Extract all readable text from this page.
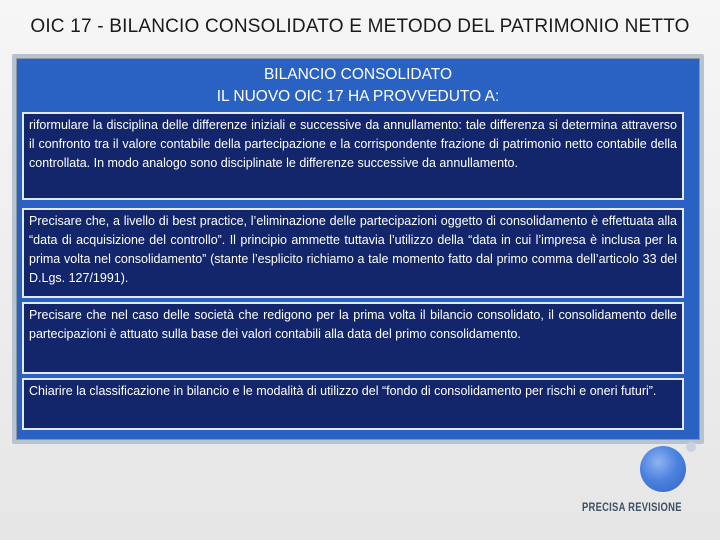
OIC 17 - BILANCIO CONSOLIDATO E METODO DEL PATRIMONIO NETTO
BILANCIO CONSOLIDATO
IL NUOVO OIC 17 HA PROVVEDUTO A:

riformulare la disciplina delle differenze iniziali e successive da annullamento: tale differenza si determina attraverso il confronto tra il valore contabile della partecipazione e la corrispondente frazione di patrimonio netto contabile della controllata. In modo analogo sono disciplinate le differenze successive da annullamento.

Precisare che, a livello di best practice, l’eliminazione delle partecipazioni oggetto di consolidamento è effettuata alla “data di acquisizione del controllo”. Il principio ammette tuttavia l’utilizzo della “data in cui l’impresa è inclusa per la prima volta nel consolidamento” (stante l’esplicito richiamo a tale momento fatto dal primo comma dell’articolo 33 del D.Lgs. 127/1991).

Precisare che nel caso delle società che redigono per la prima volta il bilancio consolidato, il consolidamento delle partecipazioni è attuato sulla base dei valori contabili alla data del primo consolidamento.

Chiarire la classificazione in bilancio e le modalità di utilizzo del “fondo di consolidamento per rischi e oneri futuri”.

PRECISA REVISIONE
